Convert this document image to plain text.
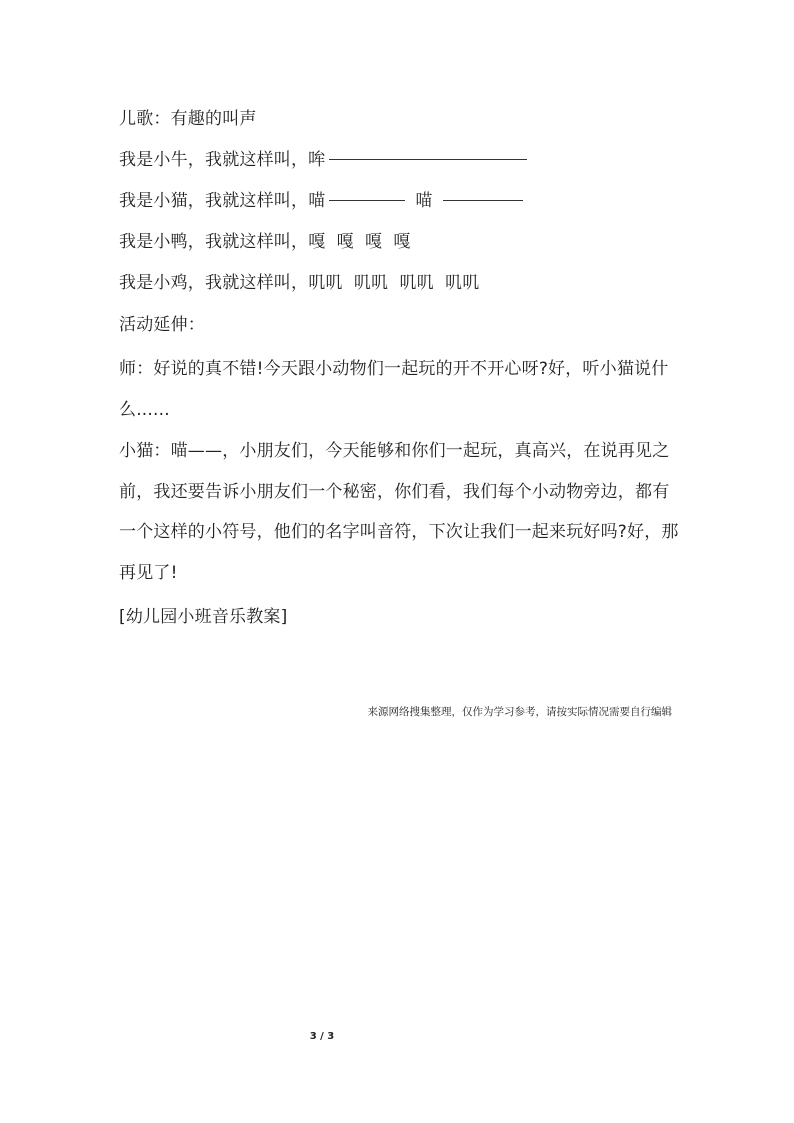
儿歌：有趣的叫声
我是小牛，我就这样叫，哞
我是小猫，我就这样叫，喵	喵
我是小鸭，我就这样叫，嘎  嘎  嘎  嘎
我是小鸡，我就这样叫，叽叽  叽叽  叽叽  叽叽
活动延伸：
师：好说的真不错!今天跟小动物们一起玩的开不开心呀?好，听小猫说什么......
小猫：喵——，小朋友们，今天能够和你们一起玩，真高兴，在说再见之前，我还要告诉小朋友们一个秘密，你们看，我们每个小动物旁边，都有一个这样的小符号，他们的名字叫音符，下次让我们一起来玩好吗?好，那再见了!
[幼儿园小班音乐教案]
来源网络搜集整理，仅作为学习参考，请按实际情况需要自行编辑
3 / 3
